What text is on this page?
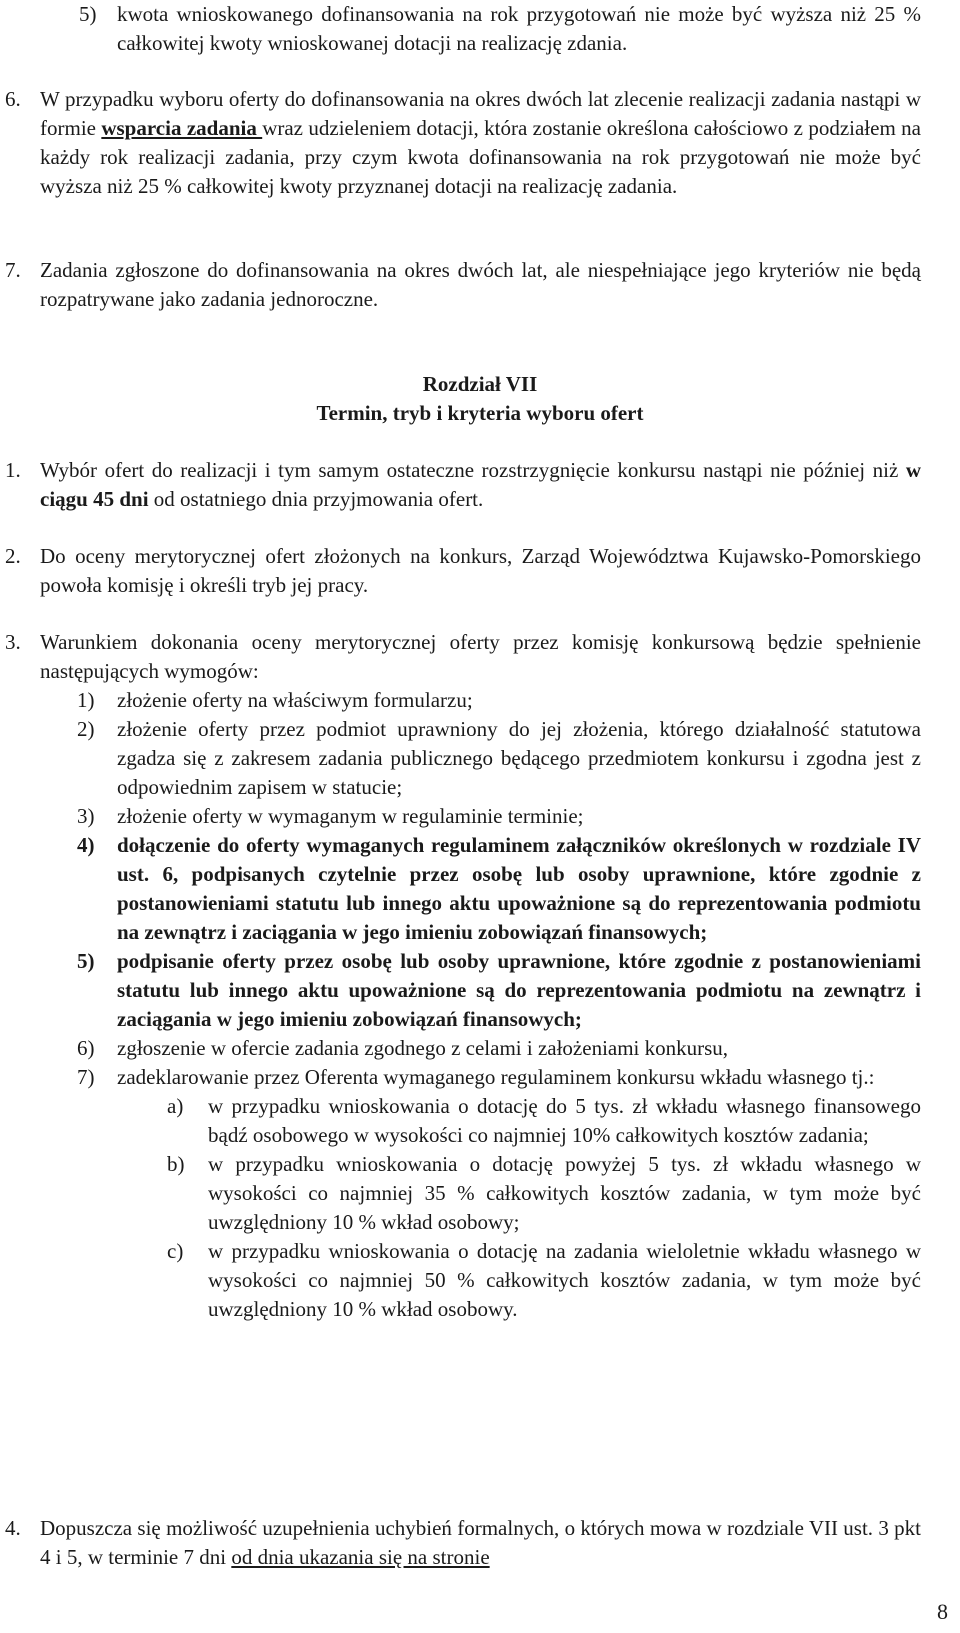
5) kwota wnioskowanego dofinansowania na rok przygotowań nie może być wyższa niż 25 % całkowitej kwoty wnioskowanej dotacji na realizację zdania.
6. W przypadku wyboru oferty do dofinansowania na okres dwóch lat zlecenie realizacji zadania nastąpi w formie wsparcia zadania wraz udzieleniem dotacji, która zostanie określona całościowo z podziałem na każdy rok realizacji zadania, przy czym kwota dofinansowania na rok przygotowań nie może być wyższa niż 25 % całkowitej kwoty przyznanej dotacji na realizację zadania.
7. Zadania zgłoszone do dofinansowania na okres dwóch lat, ale niespełniające jego kryteriów nie będą rozpatrywane jako zadania jednoroczne.
Rozdział VII
Termin, tryb i kryteria wyboru ofert
1. Wybór ofert do realizacji i tym samym ostateczne rozstrzygnięcie konkursu nastąpi nie później niż w ciągu 45 dni od ostatniego dnia przyjmowania ofert.
2. Do oceny merytorycznej ofert złożonych na konkurs, Zarząd Województwa Kujawsko-Pomorskiego powoła komisję i określi tryb jej pracy.
3. Warunkiem dokonania oceny merytorycznej oferty przez komisję konkursową będzie spełnienie następujących wymogów:
1) złożenie oferty na właściwym formularzu;
2) złożenie oferty przez podmiot uprawniony do jej złożenia, którego działalność statutowa zgadza się z zakresem zadania publicznego będącego przedmiotem konkursu i zgodna jest z odpowiednim zapisem w statucie;
3) złożenie oferty w wymaganym w regulaminie terminie;
4) dołączenie do oferty wymaganych regulaminem załączników określonych w rozdziale IV ust. 6, podpisanych czytelnie przez osobę lub osoby uprawnione, które zgodnie z postanowieniami statutu lub innego aktu upoważnione są do reprezentowania podmiotu na zewnątrz i zaciągania w jego imieniu zobowiązań finansowych;
5) podpisanie oferty przez osobę lub osoby uprawnione, które zgodnie z postanowieniami statutu lub innego aktu upoważnione są do reprezentowania podmiotu na zewnątrz i zaciągania w jego imieniu zobowiązań finansowych;
6) zgłoszenie w ofercie zadania zgodnego z celami i założeniami konkursu,
7) zadeklarowanie przez Oferenta wymaganego regulaminem konkursu wkładu własnego tj.:
a) w przypadku wnioskowania o dotację do 5 tys. zł wkładu własnego finansowego bądź osobowego w wysokości co najmniej 10% całkowitych kosztów zadania;
b) w przypadku wnioskowania o dotację powyżej 5 tys. zł wkładu własnego w wysokości co najmniej 35 % całkowitych kosztów zadania, w tym może być uwzględniony 10 % wkład osobowy;
c) w przypadku wnioskowania o dotację na zadania wieloletnie wkładu własnego w wysokości co najmniej 50 % całkowitych kosztów zadania, w tym może być uwzględniony 10 % wkład osobowy.
4. Dopuszcza się możliwość uzupełnienia uchybień formalnych, o których mowa w rozdziale VII ust. 3 pkt 4 i 5, w terminie 7 dni od dnia ukazania się na stronie
8
